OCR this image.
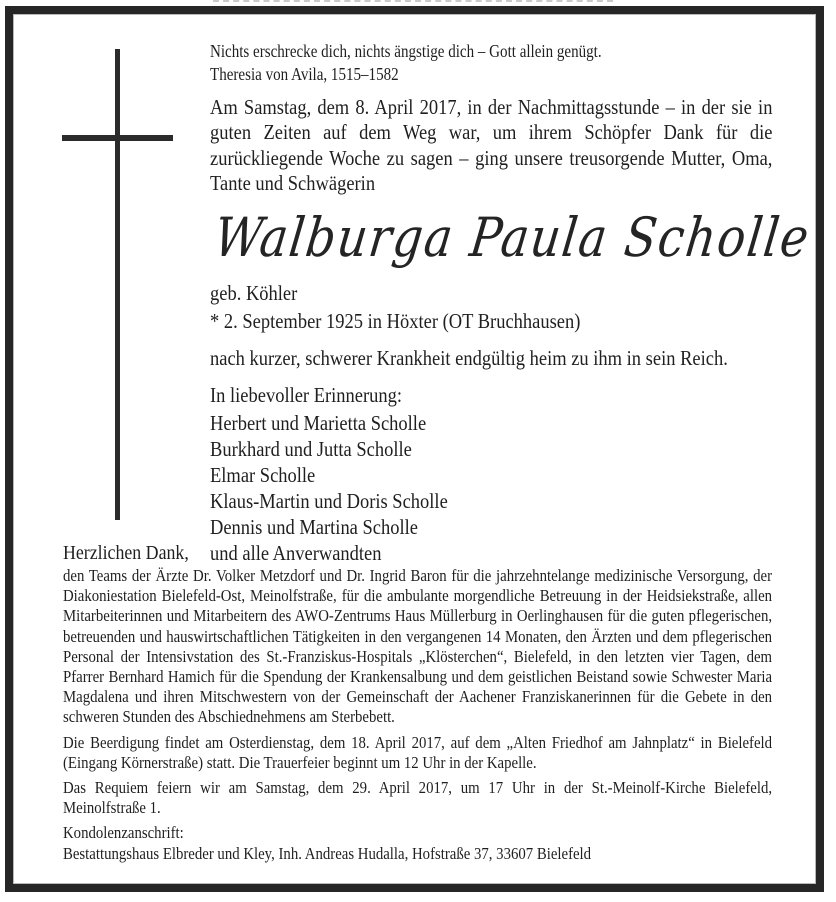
Nichts erschrecke dich, nichts ängstige dich – Gott allein genügt.
Theresia von Avila, 1515–1582

Am Samstag, dem 8. April 2017, in der Nachmittagsstunde – in der sie in guten Zeiten auf dem Weg war, um ihrem Schöpfer Dank für die zurückliegende Woche zu sagen – ging unsere treusorgende Mutter, Oma, Tante und Schwägerin

Walburga Paula Scholle
geb. Köhler
* 2. September 1925 in Höxter (OT Bruchhausen)
nach kurzer, schwerer Krankheit endgültig heim zu ihm in sein Reich.
In liebevoller Erinnerung:
Herbert und Marietta Scholle
Burkhard und Jutta Scholle
Elmar Scholle
Klaus-Martin und Doris Scholle
Dennis und Martina Scholle
und alle Anverwandten
Herzlichen Dank,

den Teams der Ärzte Dr. Volker Metzdorf und Dr. Ingrid Baron für die jahrzehntelange medizinische Versorgung, der Diakoniestation Bielefeld-Ost, Meinolfstraße, für die ambulante morgendliche Betreuung in der Heidsiekstraße, allen Mitarbeiterinnen und Mitarbeitern des AWO-Zentrums Haus Müllerburg in Oerlinghausen für die guten pflegerischen, betreuenden und hauswirtschaftlichen Tätigkeiten in den vergangenen 14 Monaten, den Ärzten und dem pflegerischen Personal der Intensivstation des St.-Franziskus-Hospitals „Klösterchen“, Bielefeld, in den letzten vier Tagen, dem Pfarrer Bernhard Hamich für die Spendung der Krankensalbung und dem geistlichen Beistand sowie Schwester Maria Magdalena und ihren Mitschwestern von der Gemeinschaft der Aachener Franziskanerinnen für die Gebete in den schweren Stunden des Abschiednehmens am Sterbebett.

Die Beerdigung findet am Osterdienstag, dem 18. April 2017, auf dem „Alten Friedhof am Jahnplatz“ in Bielefeld (Eingang Körnerstraße) statt. Die Trauerfeier beginnt um 12 Uhr in der Kapelle.

Das Requiem feiern wir am Samstag, dem 29. April 2017, um 17 Uhr in der St.-Meinolf-Kirche Bielefeld, Meinolfstraße 1.

Kondolenzanschrift:
Bestattungshaus Elbreder und Kley, Inh. Andreas Hudalla, Hofstraße 37, 33607 Bielefeld
